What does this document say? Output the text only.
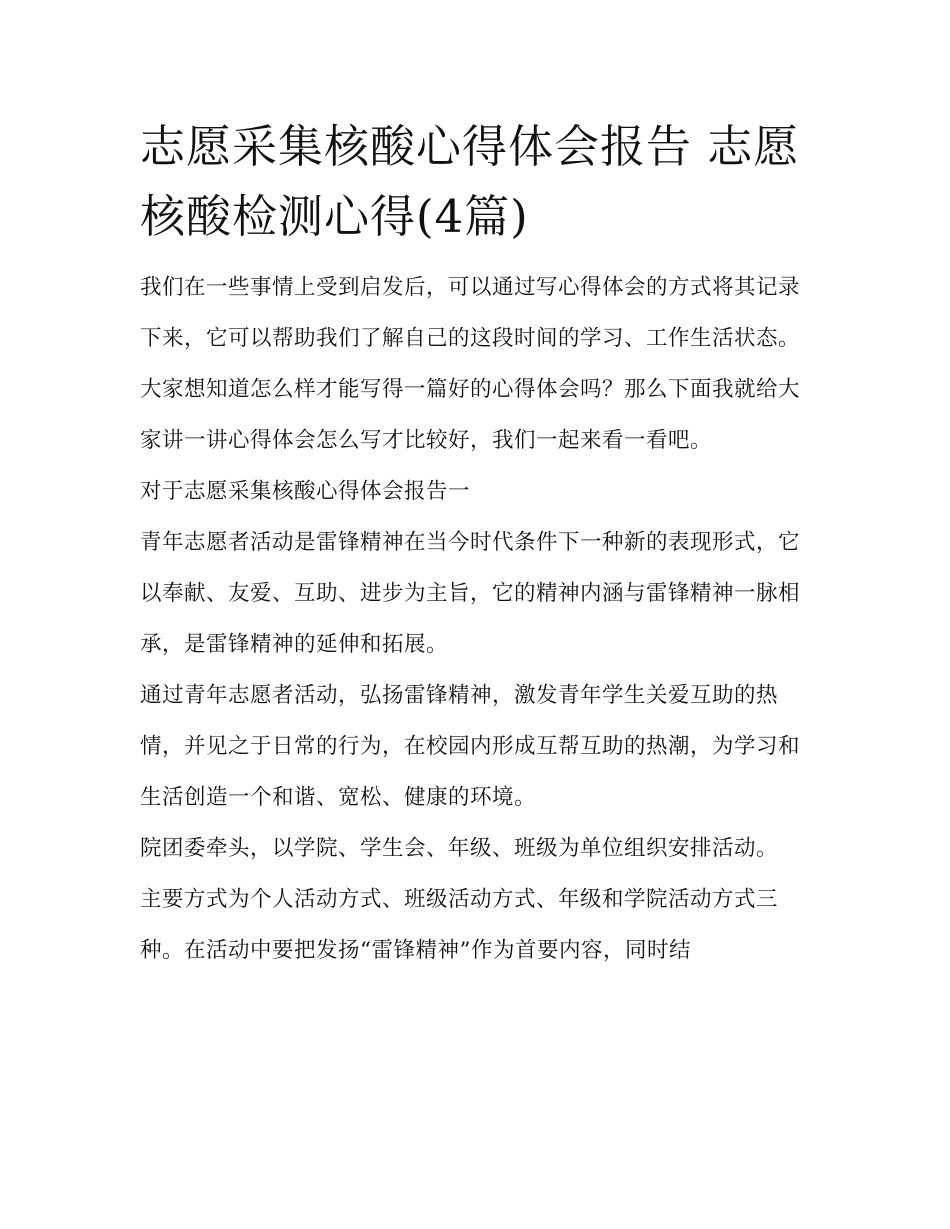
志愿采集核酸心得体会报告 志愿核酸检测心得(4篇)

我们在一些事情上受到启发后，可以通过写心得体会的方式将其记录下来，它可以帮助我们了解自己的这段时间的学习、工作生活状态。大家想知道怎么样才能写得一篇好的心得体会吗？那么下面我就给大家讲一讲心得体会怎么写才比较好，我们一起来看一看吧。

对于志愿采集核酸心得体会报告一

青年志愿者活动是雷锋精神在当今时代条件下一种新的表现形式，它以奉献、友爱、互助、进步为主旨，它的精神内涵与雷锋精神一脉相承，是雷锋精神的延伸和拓展。

通过青年志愿者活动，弘扬雷锋精神，激发青年学生关爱互助的热情，并见之于日常的行为，在校园内形成互帮互助的热潮，为学习和生活创造一个和谐、宽松、健康的环境。

院团委牵头，以学院、学生会、年级、班级为单位组织安排活动。

主要方式为个人活动方式、班级活动方式、年级和学院活动方式三种。在活动中要把发扬“雷锋精神”作为首要内容，同时结
